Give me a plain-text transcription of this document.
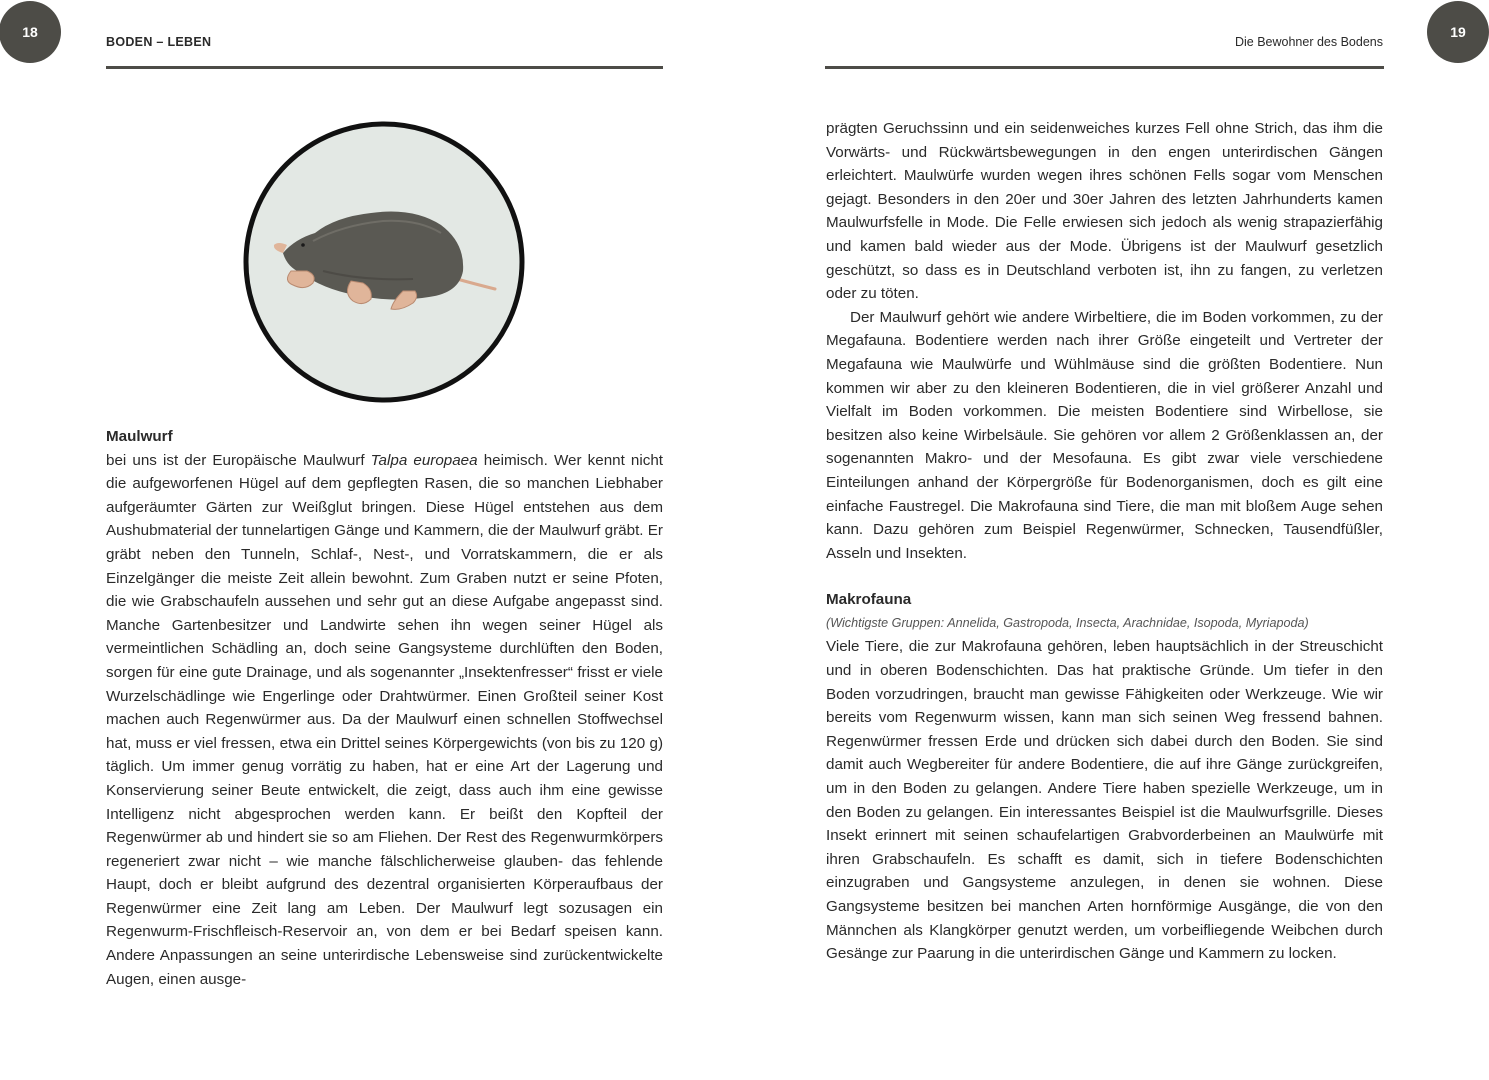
18	19
BODEN – LEBEN	Die Bewohner des Bodens

Maulwurf

bei uns ist der Europäische Maulwurf Talpa europaea heimisch. Wer kennt nicht die aufgeworfenen Hügel auf dem gepflegten Rasen, die so manchen Liebhaber aufgeräumter Gärten zur Weißglut bringen. Diese Hügel entstehen aus dem Aushubmaterial der tunnelartigen Gänge und Kammern, die der Maulwurf gräbt. Er gräbt neben den Tunneln, Schlaf-, Nest-, und Vorratskammern, die er als Einzelgänger die meiste Zeit allein bewohnt. Zum Graben nutzt er seine Pfoten, die wie Grabschaufeln aussehen und sehr gut an diese Aufgabe angepasst sind. Manche Gartenbesitzer und Landwirte sehen ihn wegen seiner Hügel als vermeintlichen Schädling an, doch seine Gangsysteme durchlüften den Boden, sorgen für eine gute Drainage, und als sogenannter „Insektenfresser“ frisst er viele Wurzelschädlinge wie Engerlinge oder Drahtwürmer. Einen Großteil seiner Kost machen auch Regenwürmer aus. Da der Maulwurf einen schnellen Stoffwechsel hat, muss er viel fressen, etwa ein Drittel seines Körpergewichts (von bis zu 120 g) täglich. Um immer genug vorrätig zu haben, hat er eine Art der Lagerung und Konservierung seiner Beute entwickelt, die zeigt, dass auch ihm eine gewisse Intelligenz nicht abgesprochen werden kann. Er beißt den Kopfteil der Regenwürmer ab und hindert sie so am Fliehen. Der Rest des Regenwurmkörpers regeneriert zwar nicht – wie manche fälschlicherweise glauben- das fehlende Haupt, doch er bleibt aufgrund des dezentral organisierten Körperaufbaus der Regenwürmer eine Zeit lang am Leben. Der Maulwurf legt sozusagen ein Regenwurm-Frischfleisch-Reservoir an, von dem er bei Bedarf speisen kann. Andere Anpassungen an seine unterirdische Lebensweise sind zurückentwickelte Augen, einen ausge-

prägten Geruchssinn und ein seidenweiches kurzes Fell ohne Strich, das ihm die Vorwärts- und Rückwärtsbewegungen in den engen unterirdischen Gängen erleichtert. Maulwürfe wurden wegen ihres schönen Fells sogar vom Menschen gejagt. Besonders in den 20er und 30er Jahren des letzten Jahrhunderts kamen Maulwurfsfelle in Mode. Die Felle erwiesen sich jedoch als wenig strapazierfähig und kamen bald wieder aus der Mode. Übrigens ist der Maulwurf gesetzlich geschützt, so dass es in Deutschland verboten ist, ihn zu fangen, zu verletzen oder zu töten.

Der Maulwurf gehört wie andere Wirbeltiere, die im Boden vorkommen, zu der Megafauna. Bodentiere werden nach ihrer Größe eingeteilt und Vertreter der Megafauna wie Maulwürfe und Wühlmäuse sind die größten Bodentiere. Nun kommen wir aber zu den kleineren Bodentieren, die in viel größerer Anzahl und Vielfalt im Boden vorkommen. Die meisten Bodentiere sind Wirbellose, sie besitzen also keine Wirbelsäule. Sie gehören vor allem 2 Größenklassen an, der sogenannten Makro- und der Mesofauna. Es gibt zwar viele verschiedene Einteilungen anhand der Körpergröße für Bodenorganismen, doch es gilt eine einfache Faustregel. Die Makrofauna sind Tiere, die man mit bloßem Auge sehen kann. Dazu gehören zum Beispiel Regenwürmer, Schnecken, Tausendfüßler, Asseln und Insekten.

Makrofauna

(Wichtigste Gruppen: Annelida, Gastropoda, Insecta, Arachnidae, Isopoda, Myriapoda)

Viele Tiere, die zur Makrofauna gehören, leben hauptsächlich in der Streuschicht und in oberen Bodenschichten. Das hat praktische Gründe. Um tiefer in den Boden vorzudringen, braucht man gewisse Fähigkeiten oder Werkzeuge. Wie wir bereits vom Regenwurm wissen, kann man sich seinen Weg fressend bahnen. Regenwürmer fressen Erde und drücken sich dabei durch den Boden. Sie sind damit auch Wegbereiter für andere Bodentiere, die auf ihre Gänge zurückgreifen, um in den Boden zu gelangen. Andere Tiere haben spezielle Werkzeuge, um in den Boden zu gelangen. Ein interessantes Beispiel ist die Maulwurfsgrille. Dieses Insekt erinnert mit seinen schaufelartigen Grabvorderbeinen an Maulwürfe mit ihren Grabschaufeln. Es schafft es damit, sich in tiefere Bodenschichten einzugraben und Gangsysteme anzulegen, in denen sie wohnen. Diese Gangsysteme besitzen bei manchen Arten hornförmige Ausgänge, die von den Männchen als Klangkörper genutzt werden, um vorbeifliegende Weibchen durch Gesänge zur Paarung in die unterirdischen Gänge und Kammern zu locken.
